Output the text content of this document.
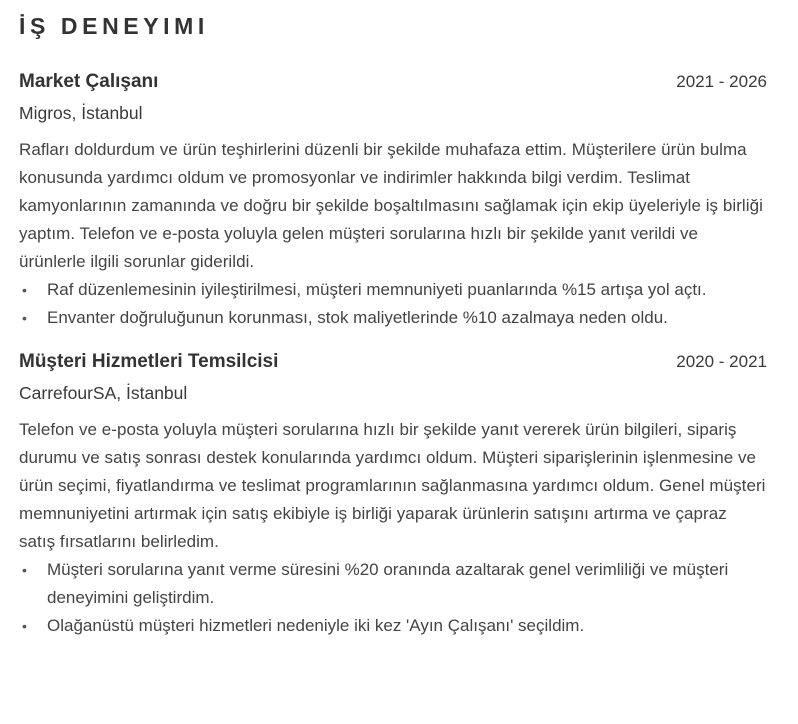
İŞ DENEYIMI
Market Çalışanı	2021 - 2026
Migros, İstanbul

Rafları doldurdum ve ürün teşhirlerini düzenli bir şekilde muhafaza ettim. Müşterilere ürün bulma konusunda yardımcı oldum ve promosyonlar ve indirimler hakkında bilgi verdim. Teslimat kamyonlarının zamanında ve doğru bir şekilde boşaltılmasını sağlamak için ekip üyeleriyle iş birliği yaptım. Telefon ve e-posta yoluyla gelen müşteri sorularına hızlı bir şekilde yanıt verildi ve ürünlerle ilgili sorunlar giderildi.

• Raf düzenlemesinin iyileştirilmesi, müşteri memnuniyeti puanlarında %15 artışa yol açtı.
• Envanter doğruluğunun korunması, stok maliyetlerinde %10 azalmaya neden oldu.
Müşteri Hizmetleri Temsilcisi	2020 - 2021
CarrefourSA, İstanbul

Telefon ve e-posta yoluyla müşteri sorularına hızlı bir şekilde yanıt vererek ürün bilgileri, sipariş durumu ve satış sonrası destek konularında yardımcı oldum. Müşteri siparişlerinin işlenmesine ve ürün seçimi, fiyatlandırma ve teslimat programlarının sağlanmasına yardımcı oldum. Genel müşteri memnuniyetini artırmak için satış ekibiyle iş birliği yaparak ürünlerin satışını artırma ve çapraz satış fırsatlarını belirledim.

• Müşteri sorularına yanıt verme süresini %20 oranında azaltarak genel verimliliği ve müşteri deneyimini geliştirdim.
• Olağanüstü müşteri hizmetleri nedeniyle iki kez 'Ayın Çalışanı' seçildim.
